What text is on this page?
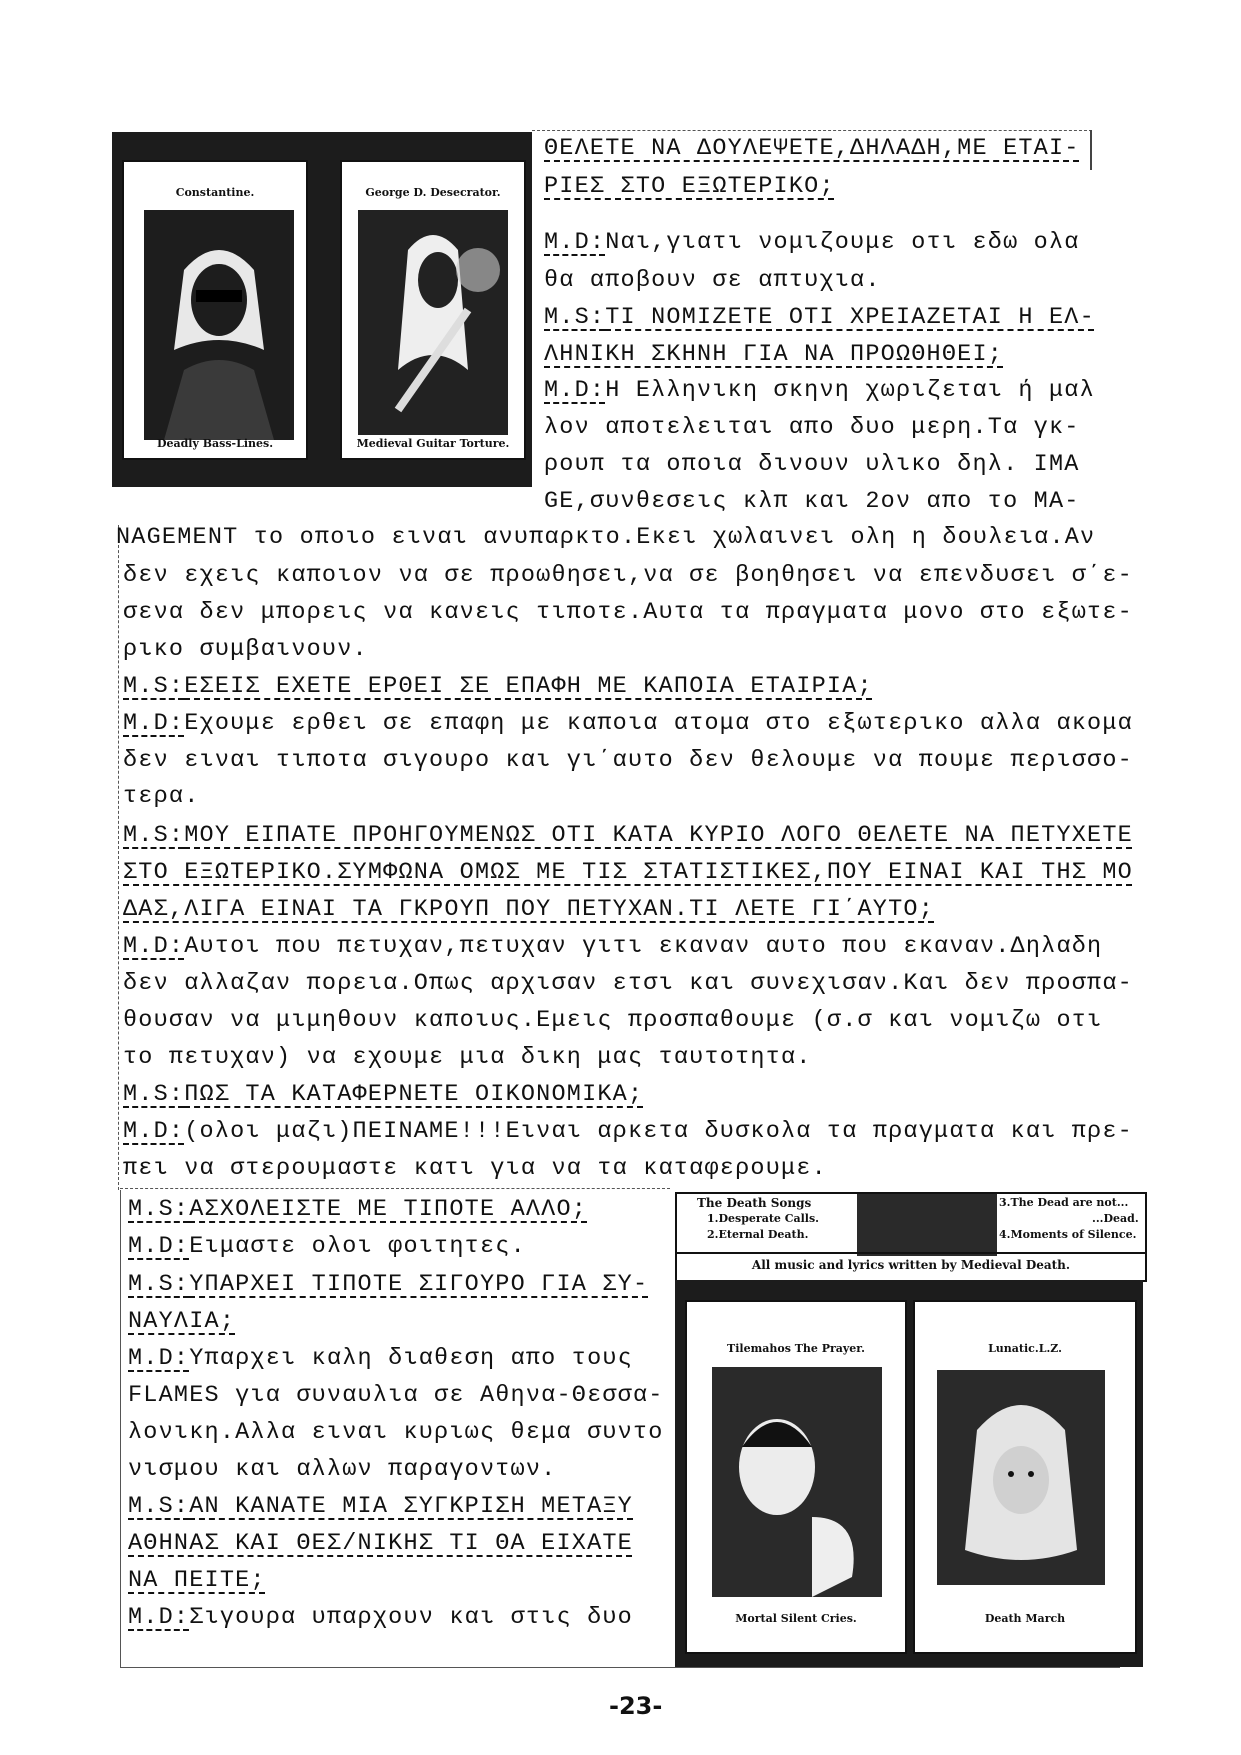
Constantine.
Deadly Bass-Lines.
George D. Desecrator.
Medieval Guitar Torture.
ΘΕΛΕΤΕ ΝΑ ΔΟΥΛΕΨΕΤΕ,ΔΗΛΑΔΗ,ΜΕ ΕΤΑΙ-
ΡΙΕΣ ΣΤΟ ΕΞΩΤΕΡΙΚΟ;
M.D:Ναι,γιατι νομιζουμε οτι εδω ολα
θα αποβουν σε απτυχια.
M.S:ΤΙ ΝΟΜΙΖΕΤΕ ΟΤΙ ΧΡΕΙΑΖΕΤΑΙ Η ΕΛ-
ΛΗΝΙΚΗ ΣΚΗΝΗ ΓΙΑ ΝΑ ΠΡΟΩΘΗΘΕΙ;
M.D:Η Ελληνικη σκηνη χωριζεται ή μαλ
λον αποτελειται απο δυο μερη.Τα γκ-
ρουπ τα οποια δινουν υλικο δηλ. ΙΜΑ
GE,συνθεσεις κλπ και 2ον απο το ΜΑ-
NAGEMENT το οποιο ειναι ανυπαρκτο.Εκει χωλαινει ολη η δουλεια.Αν
δεν εχεις καποιον να σε προωθησει,να σε βοηθησει να επενδυσει σ΄ε-
σενα δεν μπορεις να κανεις τιποτε.Αυτα τα πραγματα μονο στο εξωτε-
ρικο συμβαινουν.
M.S:ΕΣΕΙΣ ΕΧΕΤΕ ΕΡΘΕΙ ΣΕ ΕΠΑΦΗ ΜΕ ΚΑΠΟΙΑ ΕΤΑΙΡΙΑ;
M.D:Εχουμε ερθει σε επαφη με καποια ατομα στο εξωτερικο αλλα ακομα
δεν ειναι τιποτα σιγουρο και γι΄αυτο δεν θελουμε να πουμε περισσο-
τερα.
M.S:ΜΟΥ ΕΙΠΑΤΕ ΠΡΟΗΓΟΥΜΕΝΩΣ ΟΤΙ ΚΑΤΑ ΚΥΡΙΟ ΛΟΓΟ ΘΕΛΕΤΕ ΝΑ ΠΕΤΥΧΕΤΕ
ΣΤΟ ΕΞΩΤΕΡΙΚΟ.ΣΥΜΦΩΝΑ ΟΜΩΣ ΜΕ ΤΙΣ ΣΤΑΤΙΣΤΙΚΕΣ,ΠΟΥ ΕΙΝΑΙ ΚΑΙ ΤΗΣ ΜΟ
ΔΑΣ,ΛΙΓΑ ΕΙΝΑΙ ΤΑ ΓΚΡΟΥΠ ΠΟΥ ΠΕΤΥΧΑΝ.ΤΙ ΛΕΤΕ ΓΙ΄ΑΥΤΟ;
M.D:Αυτοι που πετυχαν,πετυχαν γιτι εκαναν αυτο που εκαναν.Δηλαδη
δεν αλλαζαν πορεια.Οπως αρχισαν ετσι και συνεχισαν.Και δεν προσπα-
θουσαν να μιμηθουν καποιυς.Εμεις προσπαθουμε (σ.σ και νομιζω οτι
το πετυχαν) να εχουμε μια δικη μας ταυτοτητα.
M.S:ΠΩΣ ΤΑ ΚΑΤΑΦΕΡΝΕΤΕ ΟΙΚΟΝΟΜΙΚΑ;
M.D:(ολοι μαζι)ΠΕΙΝΑΜΕ!!!Ειναι αρκετα δυσκολα τα πραγματα και πρε-
πει να στερουμαστε κατι για να τα καταφερουμε.
M.S:ΑΣΧΟΛΕΙΣΤΕ ΜΕ ΤΙΠΟΤΕ ΑΛΛΟ;
M.D:Ειμαστε ολοι φοιτητες.
M.S:ΥΠΑΡΧΕΙ ΤΙΠΟΤΕ ΣΙΓΟΥΡΟ ΓΙΑ ΣΥ-
ΝΑΥΛΙΑ;
M.D:Υπαρχει καλη διαθεση απο τους
FLAMES για συναυλια σε Αθηνα-Θεσσα-
λονικη.Αλλα ειναι κυριως θεμα συντο
νισμου και αλλων παραγοντων.
M.S:ΑΝ ΚΑΝΑΤΕ ΜΙΑ ΣΥΓΚΡΙΣΗ ΜΕΤΑΞΥ
ΑΘΗΝΑΣ ΚΑΙ ΘΕΣ/ΝΙΚΗΣ ΤΙ ΘΑ ΕΙΧΑΤΕ
ΝΑ ΠΕΙΤΕ;
M.D:Σιγουρα υπαρχουν και στις δυο
The Death Songs
1.Desperate Calls.
2.Eternal Death.
3.The Dead are not...
...Dead.
4.Moments of Silence.
All music and lyrics written by Medieval Death.
Tilemahos The Prayer.
Mortal Silent Cries.
Lunatic.L.Z.
Death March
-23-
